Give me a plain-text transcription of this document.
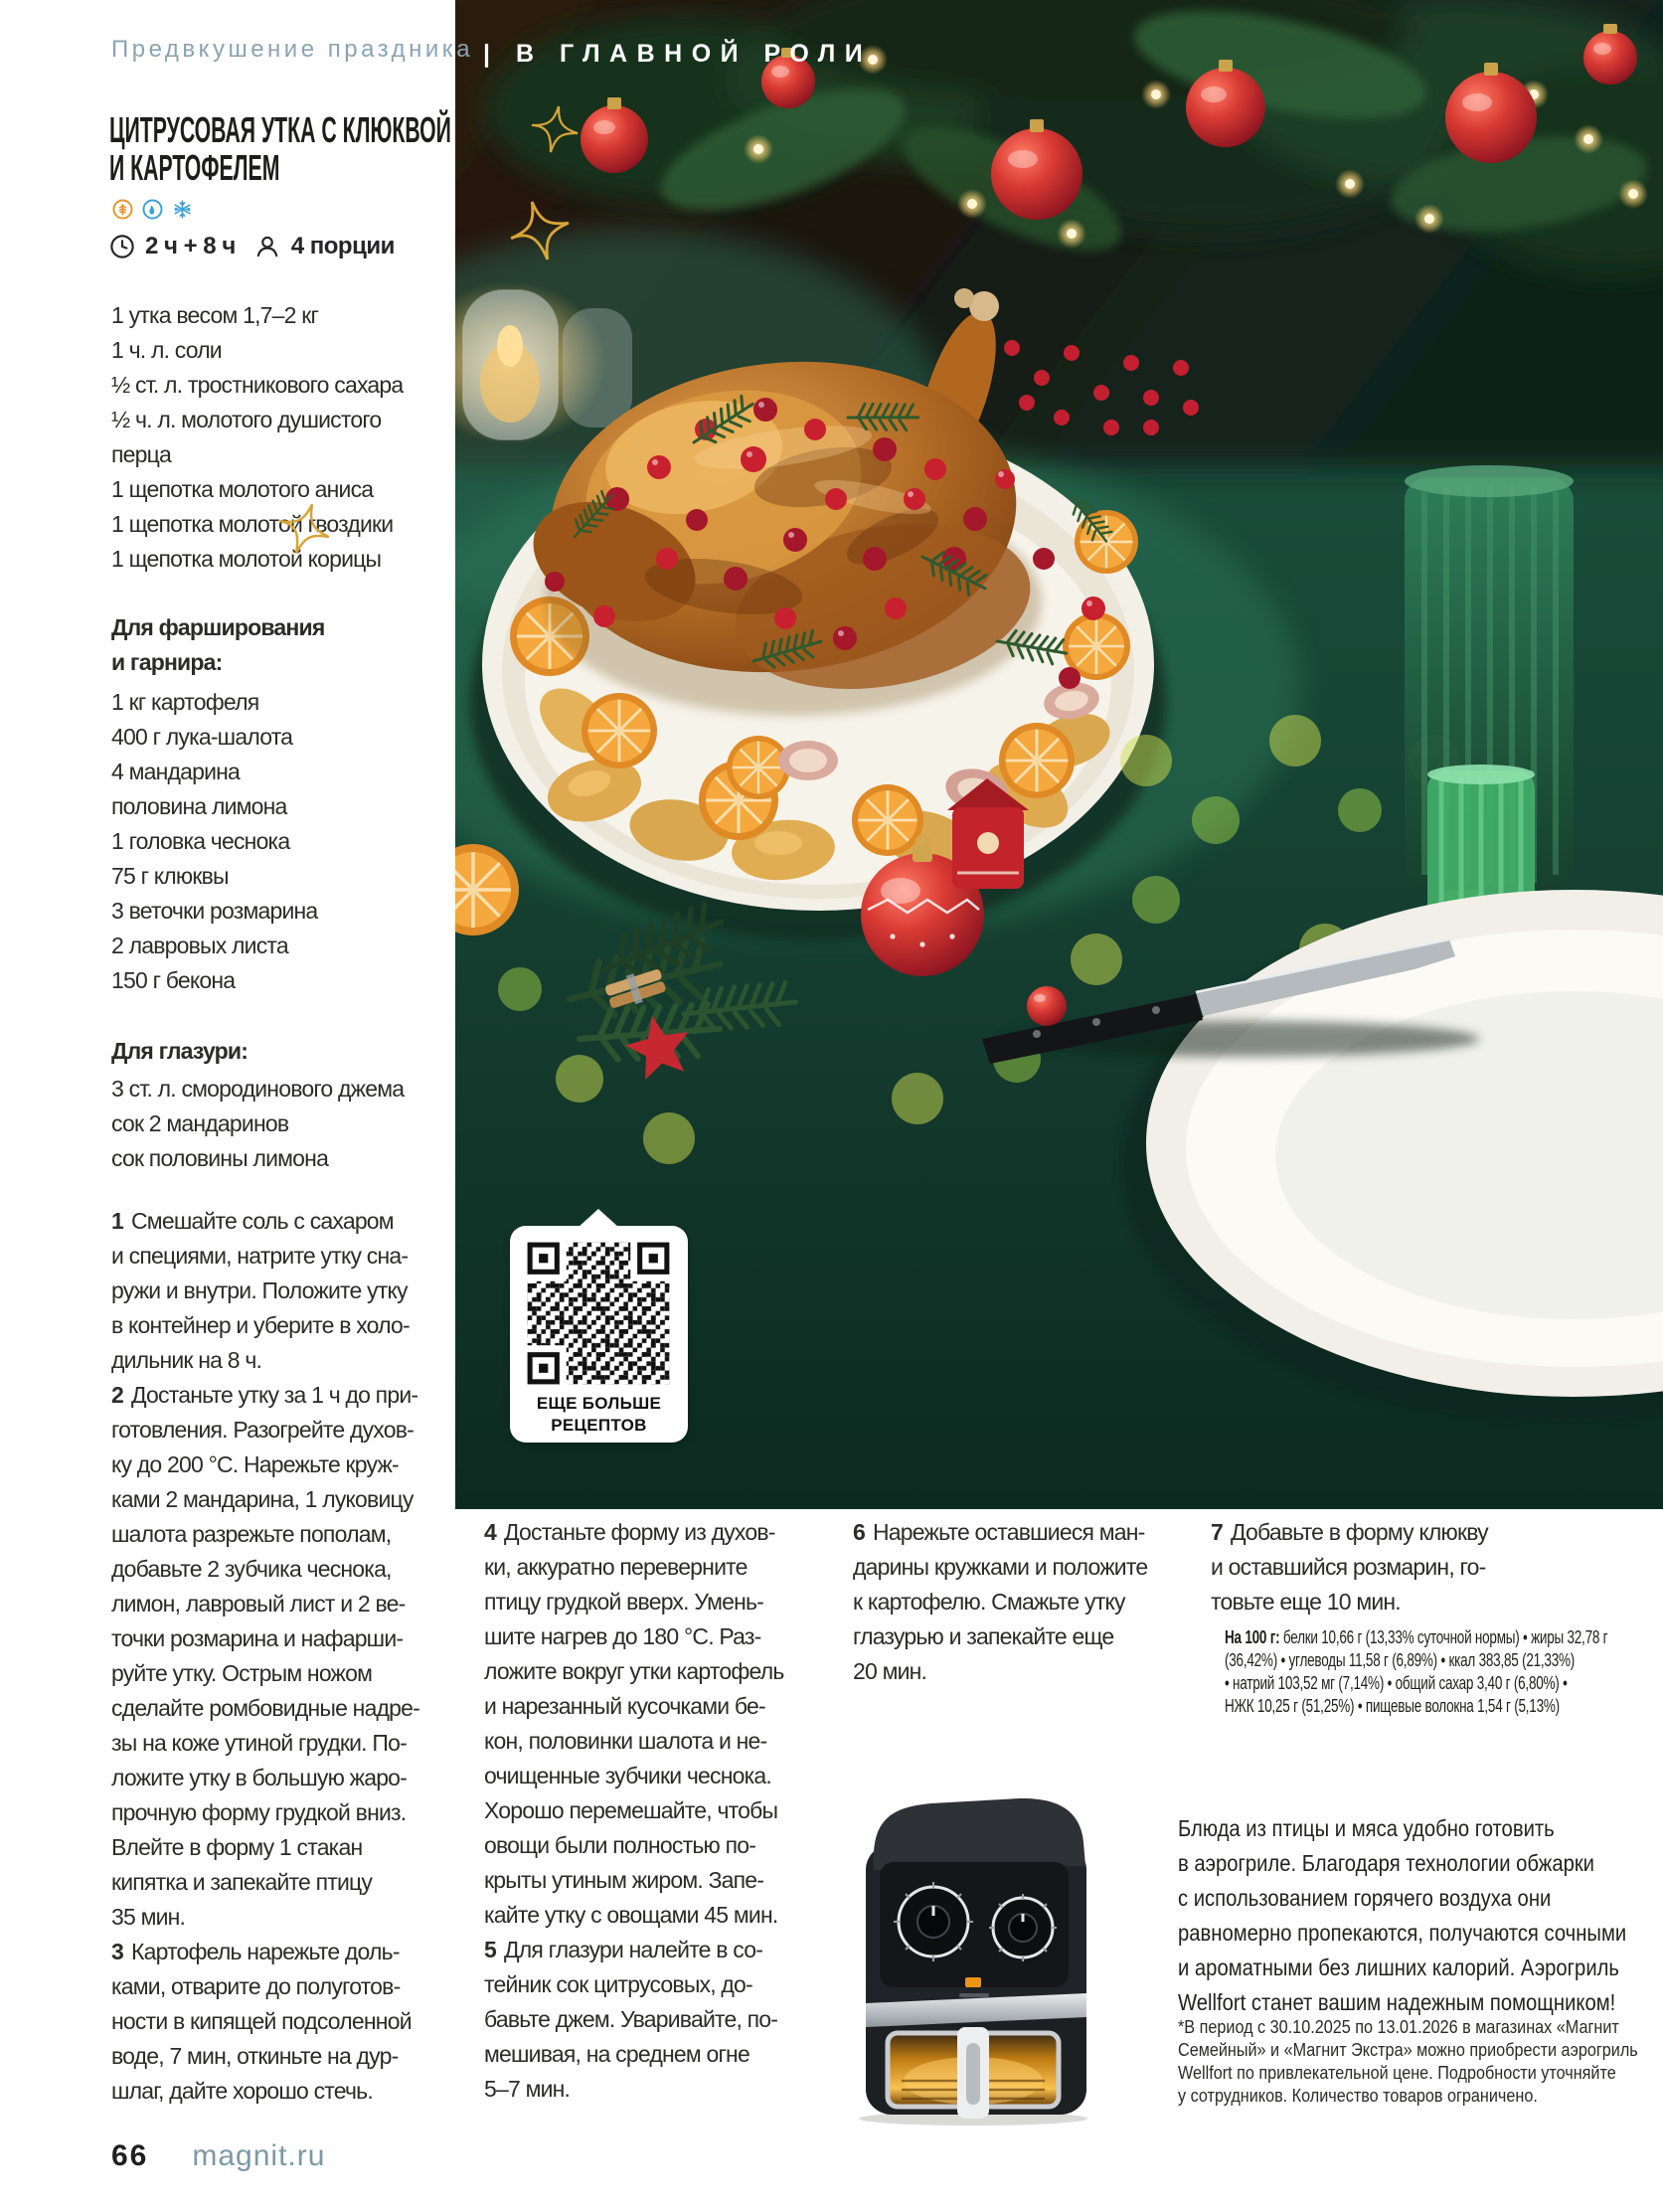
Предвкушение праздника | В ГЛАВНОЙ РОЛИ
ЦИТРУСОВАЯ УТКА С КЛЮКВОЙ
И КАРТОФЕЛЕМ
2 ч + 8 ч 4 порции
1 утка весом 1,7–2 кг
1 ч. л. соли
½ ст. л. тростникового сахара
½ ч. л. молотого душистого
перца
1 щепотка молотого аниса
1 щепотка молотой гвоздики
1 щепотка молотой корицы
Для фарширования
и гарнира:
1 кг картофеля
400 г лука-шалота
4 мандарина
половина лимона
1 головка чеснока
75 г клюквы
3 веточки розмарина
2 лавровых листа
150 г бекона
Для глазури:
3 ст. л. смородинового джема
сок 2 мандаринов
сок половины лимона
1 Смешайте соль с сахаром
и специями, натрите утку сна-
ружи и внутри. Положите утку
в контейнер и уберите в холо-
дильник на 8 ч.
2 Достаньте утку за 1 ч до при-
готовления. Разогрейте духов-
ку до 200 °C. Нарежьте круж-
ками 2 мандарина, 1 луковицу
шалота разрежьте пополам,
добавьте 2 зубчика чеснока,
лимон, лавровый лист и 2 ве-
точки розмарина и нафарши-
руйте утку. Острым ножом
сделайте ромбовидные надре-
зы на коже утиной грудки. По-
ложите утку в большую жаро-
прочную форму грудкой вниз.
Влейте в форму 1 стакан
кипятка и запекайте птицу
35 мин.
3 Картофель нарежьте доль-
ками, отварите до полуготов-
ности в кипящей подсоленной
воде, 7 мин, откиньте на дур-
шлаг, дайте хорошо стечь.
4 Достаньте форму из духов-
ки, аккуратно переверните
птицу грудкой вверх. Умень-
шите нагрев до 180 °C. Раз-
ложите вокруг утки картофель
и нарезанный кусочками бе-
кон, половинки шалота и не-
очищенные зубчики чеснока.
Хорошо перемешайте, чтобы
овощи были полностью по-
крыты утиным жиром. Запе-
кайте утку с овощами 45 мин.
5 Для глазури налейте в со-
тейник сок цитрусовых, до-
бавьте джем. Уваривайте, по-
мешивая, на среднем огне
5–7 мин.
6 Нарежьте оставшиеся ман-
дарины кружками и положите
к картофелю. Смажьте утку
глазурью и запекайте еще
20 мин.
7 Добавьте в форму клюкву
и оставшийся розмарин, го-
товьте еще 10 мин.
На 100 г: белки 10,66 г (13,33% суточной нормы) • жиры 32,78 г
(36,42%) • углеводы 11,58 г (6,89%) • ккал 383,85 (21,33%)
• натрий 103,52 мг (7,14%) • общий сахар 3,40 г (6,80%) •
НЖК 10,25 г (51,25%) • пищевые волокна 1,54 г (5,13%)
ЕЩЕ БОЛЬШЕ
РЕЦЕПТОВ
Блюда из птицы и мяса удобно готовить
в аэрогриле. Благодаря технологии обжарки
с использованием горячего воздуха они
равномерно пропекаются, получаются сочными
и ароматными без лишних калорий. Аэрогриль
Wellfort станет вашим надежным помощником!
*В период с 30.10.2025 по 13.01.2026 в магазинах «Магнит
Семейный» и «Магнит Экстра» можно приобрести аэрогриль
Wellfort по привлекательной цене. Подробности уточняйте
у сотрудников. Количество товаров ограничено.
66 magnit.ru
